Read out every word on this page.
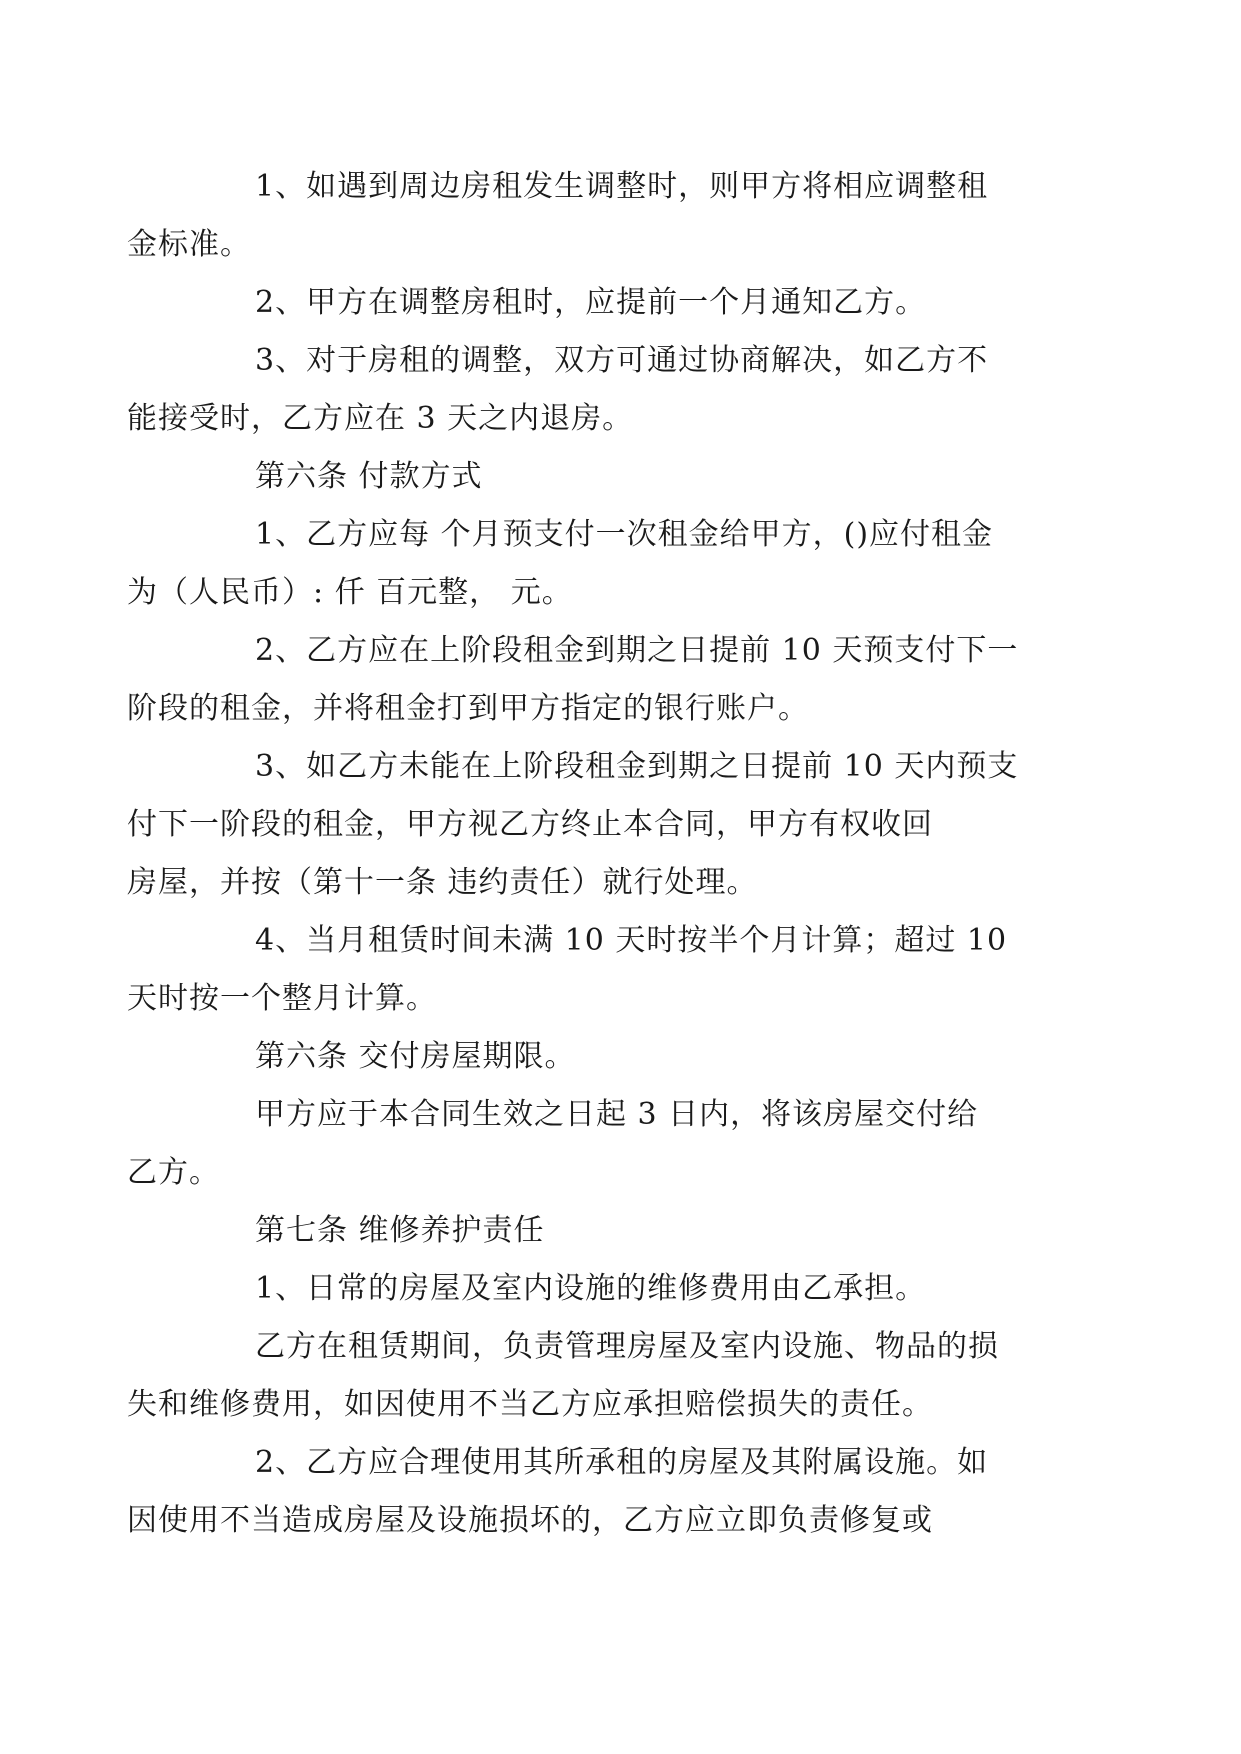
1、如遇到周边房租发生调整时，则甲方将相应调整租
金标准。

2、甲方在调整房租时，应提前一个月通知乙方。

3、对于房租的调整，双方可通过协商解决，如乙方不
能接受时，乙方应在 3 天之内退房。

第六条 付款方式

1、乙方应每 个月预支付一次租金给甲方，()应付租金
为（人民币）: 仟 百元整， 元。

2、乙方应在上阶段租金到期之日提前 10 天预支付下一
阶段的租金，并将租金打到甲方指定的银行账户。

3、如乙方未能在上阶段租金到期之日提前 10 天内预支
付下一阶段的租金，甲方视乙方终止本合同，甲方有权收回
房屋，并按（第十一条 违约责任）就行处理。

4、当月租赁时间未满 10 天时按半个月计算；超过 10
天时按一个整月计算。

第六条 交付房屋期限。

甲方应于本合同生效之日起 3 日内，将该房屋交付给
乙方。

第七条 维修养护责任

1、日常的房屋及室内设施的维修费用由乙承担。

乙方在租赁期间，负责管理房屋及室内设施、物品的损
失和维修费用，如因使用不当乙方应承担赔偿损失的责任。

2、乙方应合理使用其所承租的房屋及其附属设施。如
因使用不当造成房屋及设施损坏的，乙方应立即负责修复或
